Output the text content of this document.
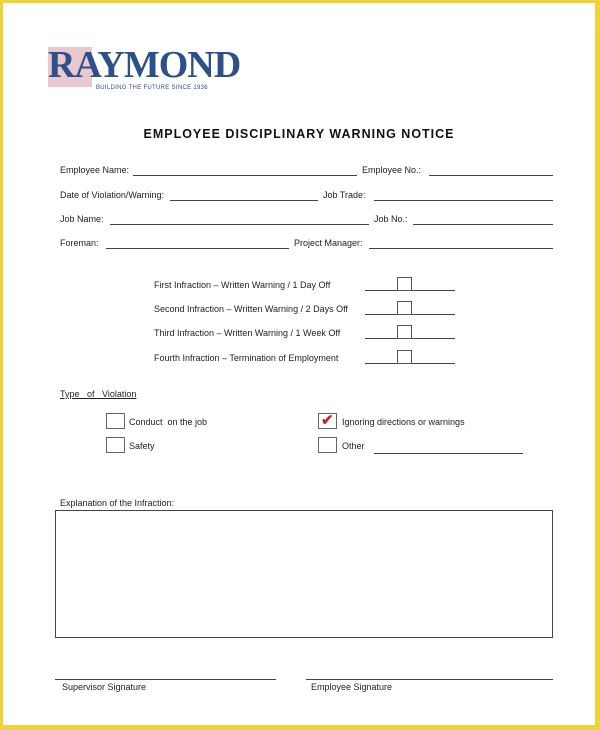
RAYMOND
BUILDING THE FUTURE SINCE 1936
EMPLOYEE DISCIPLINARY WARNING NOTICE
Employee Name:	Employee No.:
Date of Violation/Warning:	Job Trade:
Job Name:	Job No.:
Foreman:	Project Manager:
First Infraction – Written Warning / 1 Day Off
Second Infraction – Written Warning / 2 Days Off
Third Infraction – Written Warning / 1 Week Off
Fourth Infraction – Termination of Employment
Type   of   Violation
Conduct  on the job	✔ Ignoring directions or warnings
Safety	Other
Explanation of the Infraction:
Supervisor Signature	Employee Signature
